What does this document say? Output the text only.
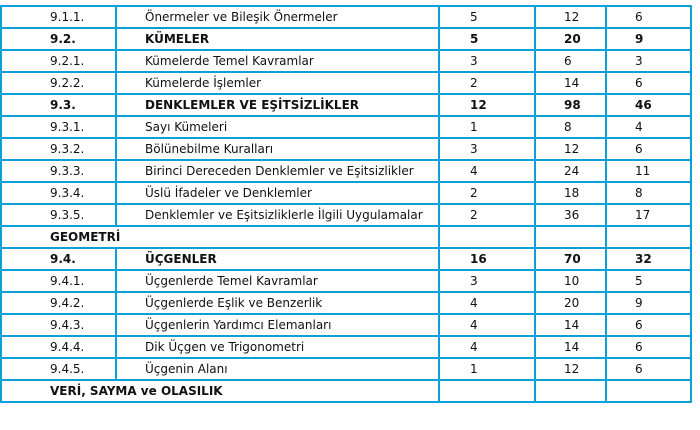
9.1.1.	Önermeler ve Bileşik Önermeler	5	12	6
9.2.	KÜMELER	5	20	9
9.2.1.	Kümelerde Temel Kavramlar	3	6	3
9.2.2.	Kümelerde İşlemler	2	14	6
9.3.	DENKLEMLER VE EŞİTSİZLİKLER	12	98	46
9.3.1.	Sayı Kümeleri	1	8	4
9.3.2.	Bölünebilme Kuralları	3	12	6
9.3.3.	Birinci Dereceden Denklemler ve Eşitsizlikler	4	24	11
9.3.4.	Üslü İfadeler ve Denklemler	2	18	8
9.3.5.	Denklemler ve Eşitsizliklerle İlgili Uygulamalar	2	36	17
GEOMETRİ				
9.4.	ÜÇGENLER	16	70	32
9.4.1.	Üçgenlerde Temel Kavramlar	3	10	5
9.4.2.	Üçgenlerde Eşlik ve Benzerlik	4	20	9
9.4.3.	Üçgenlerin Yardımcı Elemanları	4	14	6
9.4.4.	Dik Üçgen ve Trigonometri	4	14	6
9.4.5.	Üçgenin Alanı	1	12	6
VERİ, SAYMA ve OLASILIK				
